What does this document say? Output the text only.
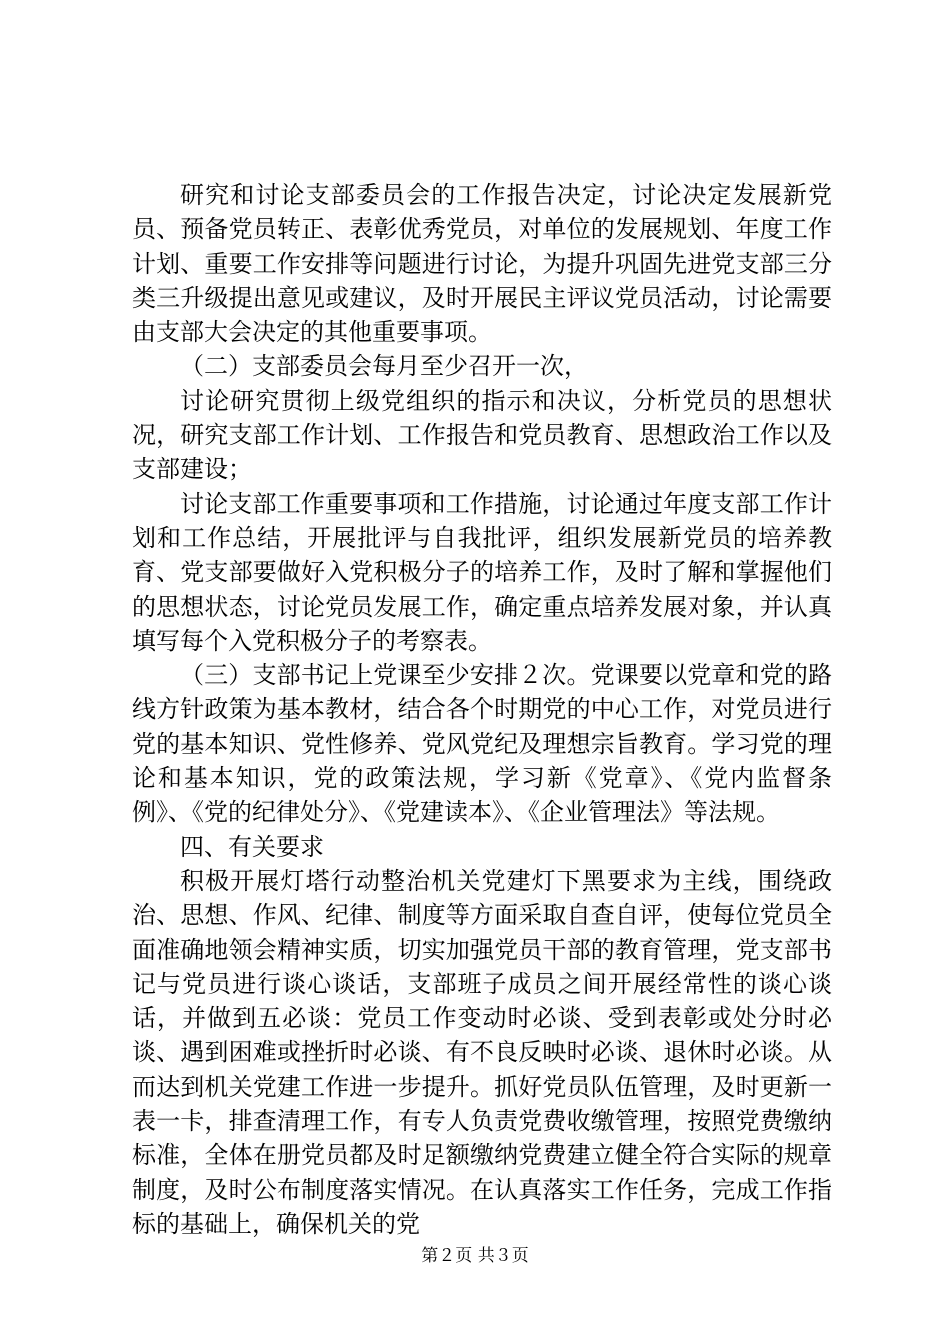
研究和讨论支部委员会的工作报告决定，讨论决定发展新党员、预备党员转正、表彰优秀党员，对单位的发展规划、年度工作计划、重要工作安排等问题进行讨论，为提升巩固先进党支部三分类三升级提出意见或建议，及时开展民主评议党员活动，讨论需要由支部大会决定的其他重要事项。

（二）支部委员会每月至少召开一次，

讨论研究贯彻上级党组织的指示和决议，分析党员的思想状况，研究支部工作计划、工作报告和党员教育、思想政治工作以及支部建设；

讨论支部工作重要事项和工作措施，讨论通过年度支部工作计划和工作总结，开展批评与自我批评，组织发展新党员的培养教育、党支部要做好入党积极分子的培养工作，及时了解和掌握他们的思想状态，讨论党员发展工作，确定重点培养发展对象，并认真填写每个入党积极分子的考察表。

（三）支部书记上党课至少安排２次。党课要以党章和党的路线方针政策为基本教材，结合各个时期党的中心工作，对党员进行党的基本知识、党性修养、党风党纪及理想宗旨教育。学习党的理论和基本知识，党的政策法规，学习新《党章》、《党内监督条例》、《党的纪律处分》、《党建读本》、《企业管理法》等法规。

四、有关要求

积极开展灯塔行动整治机关党建灯下黑要求为主线，围绕政治、思想、作风、纪律、制度等方面采取自查自评，使每位党员全面准确地领会精神实质，切实加强党员干部的教育管理，党支部书记与党员进行谈心谈话，支部班子成员之间开展经常性的谈心谈话，并做到五必谈：党员工作变动时必谈、受到表彰或处分时必谈、遇到困难或挫折时必谈、有不良反映时必谈、退休时必谈。从而达到机关党建工作进一步提升。抓好党员队伍管理，及时更新一表一卡，排查清理工作，有专人负责党费收缴管理，按照党费缴纳标准，全体在册党员都及时足额缴纳党费建立健全符合实际的规章制度，及时公布制度落实情况。在认真落实工作任务，完成工作指标的基础上，确保机关的党

第２页 共３页
